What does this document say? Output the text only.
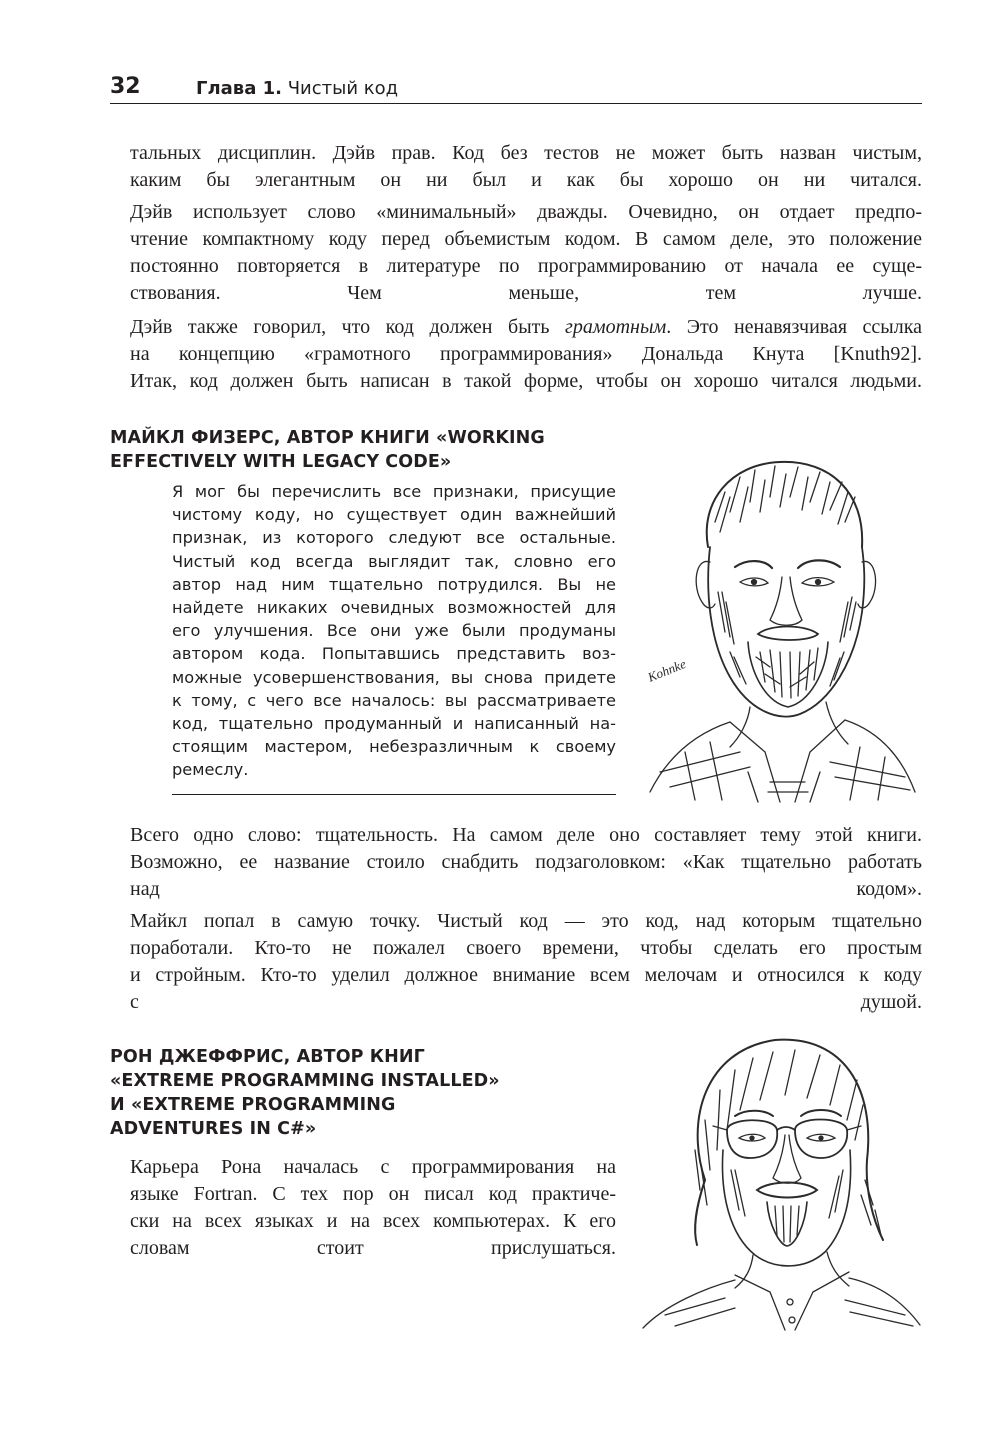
32	Глава 1. Чистый код
тальных дисциплин. Дэйв прав. Код без тестов не может быть назван чистым,
каким бы элегантным он ни был и как бы хорошо он ни читался.
Дэйв использует слово «минимальный» дважды. Очевидно, он отдает предпо-
чтение компактному коду перед объемистым кодом. В самом деле, это положение
постоянно повторяется в литературе по программированию от начала ее суще-
ствования. Чем меньше, тем лучше.
Дэйв также говорил, что код должен быть грамотным. Это ненавязчивая ссылка
на концепцию «грамотного программирования» Дональда Кнута [Knuth92].
Итак, код должен быть написан в такой форме, чтобы он хорошо читался людьми.
МАЙКЛ ФИЗЕРС, АВТОР КНИГИ «WORKING
EFFECTIVELY WITH LEGACY CODE»
Я мог бы перечислить все признаки, присущие
чистому коду, но существует один важнейший
признак, из которого следуют все остальные.
Чистый код всегда выглядит так, словно его
автор над ним тщательно потрудился. Вы не
найдете никаких очевидных возможностей для
его улучшения. Все они уже были продуманы
автором кода. Попытавшись представить воз-
можные усовершенствования, вы снова придете
к тому, с чего все началось: вы рассматриваете
код, тщательно продуманный и написанный на-
стоящим мастером, небезразличным к своему
ремеслу.
Kohnke
Всего одно слово: тщательность. На самом деле оно составляет тему этой книги.
Возможно, ее название стоило снабдить подзаголовком: «Как тщательно работать
над кодом».
Майкл попал в самую точку. Чистый код — это код, над которым тщательно
поработали. Кто-то не пожалел своего времени, чтобы сделать его простым
и стройным. Кто-то уделил должное внимание всем мелочам и относился к коду
с душой.
РОН ДЖЕФФРИС, АВТОР КНИГ
«EXTREME PROGRAMMING INSTALLED»
И «EXTREME PROGRAMMING
ADVENTURES IN C#»
Карьера Рона началась с программирования на
языке Fortran. С тех пор он писал код практиче-
ски на всех языках и на всех компьютерах. К его
словам стоит прислушаться.
